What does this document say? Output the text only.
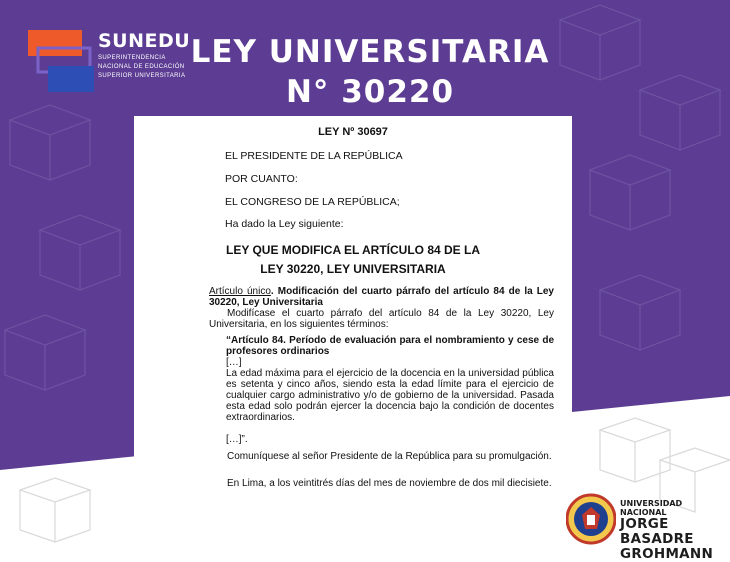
SUNEDU
SUPERINTENDENCIA
NACIONAL DE EDUCACIÓN
SUPERIOR UNIVERSITARIA
LEY UNIVERSITARIA
N° 30220
LEY Nº 30697
EL PRESIDENTE DE LA REPÚBLICA
POR CUANTO:
EL CONGRESO DE LA REPÚBLICA;
Ha dado la Ley siguiente:
LEY QUE MODIFICA EL ARTÍCULO 84 DE LA
LEY 30220, LEY UNIVERSITARIA
Artículo único. Modificación del cuarto párrafo del artículo 84 de la Ley 30220, Ley Universitaria
Modifícase el cuarto párrafo del artículo 84 de la Ley 30220, Ley Universitaria, en los siguientes términos:
“Artículo 84. Período de evaluación para el nombramiento y cese de profesores ordinarios
[…]
La edad máxima para el ejercicio de la docencia en la universidad pública es setenta y cinco años, siendo esta la edad límite para el ejercicio de cualquier cargo administrativo y/o de gobierno de la universidad. Pasada esta edad solo podrán ejercer la docencia bajo la condición de docentes extraordinarios.
[…]”.
Comuníquese al señor Presidente de la República para su promulgación.
En Lima, a los veintitrés días del mes de noviembre de dos mil diecisiete.
UNIVERSIDAD NACIONAL
JORGE BASADRE
GROHMANN
